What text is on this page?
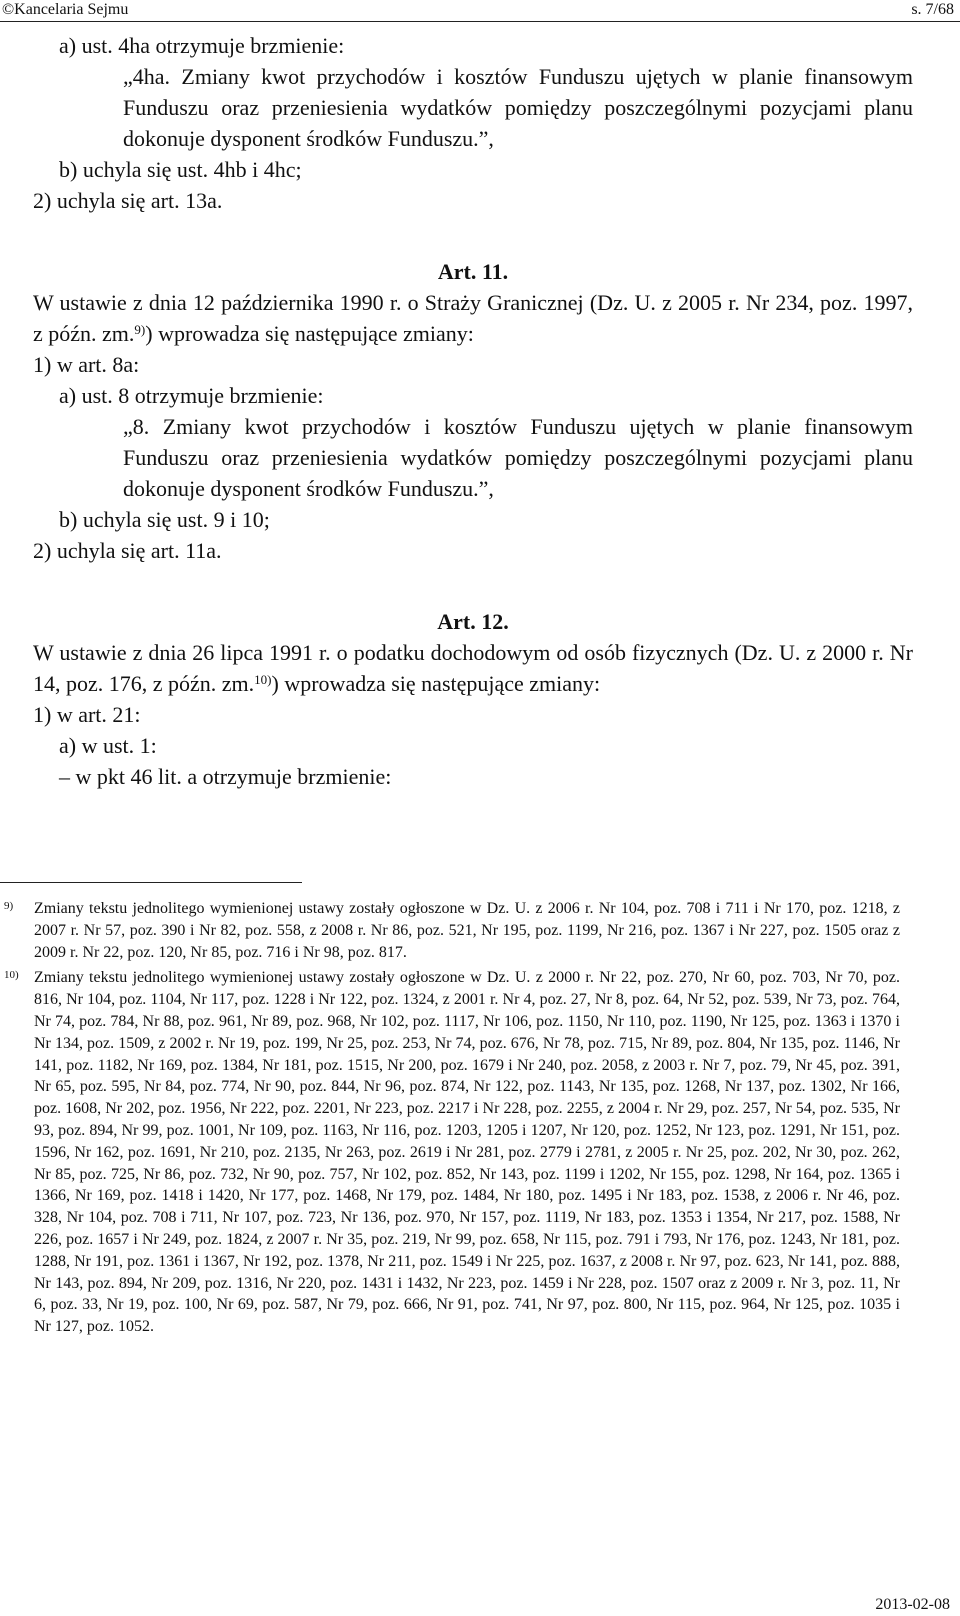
©Kancelaria Sejmu	s. 7/68

a) ust. 4ha otrzymuje brzmienie:

„4ha. Zmiany kwot przychodów i kosztów Funduszu ujętych w planie finansowym Funduszu oraz przeniesienia wydatków pomiędzy poszczególnymi pozycjami planu dokonuje dysponent środków Funduszu.”,

b) uchyla się ust. 4hb i 4hc;

2) uchyla się art. 13a.

Art. 11.

W ustawie z dnia 12 października 1990 r. o Straży Granicznej (Dz. U. z 2005 r. Nr 234, poz. 1997, z późn. zm.$^{9)}$) wprowadza się następujące zmiany:

1) w art. 8a:

a) ust. 8 otrzymuje brzmienie:

„8. Zmiany kwot przychodów i kosztów Funduszu ujętych w planie finansowym Funduszu oraz przeniesienia wydatków pomiędzy poszczególnymi pozycjami planu dokonuje dysponent środków Funduszu.”,

b) uchyla się ust. 9 i 10;

2) uchyla się art. 11a.

Art. 12.

W ustawie z dnia 26 lipca 1991 r. o podatku dochodowym od osób fizycznych (Dz. U. z 2000 r. Nr 14, poz. 176, z późn. zm.$^{10)}$) wprowadza się następujące zmiany:

1) w art. 21:

a) w ust. 1:

– w pkt 46 lit. a otrzymuje brzmienie:

9)	Zmiany tekstu jednolitego wymienionej ustawy zostały ogłoszone w Dz. U. z 2006 r. Nr 104, poz. 708 i 711 i Nr 170, poz. 1218, z 2007 r. Nr 57, poz. 390 i Nr 82, poz. 558, z 2008 r. Nr 86, poz. 521, Nr 195, poz. 1199, Nr 216, poz. 1367 i Nr 227, poz. 1505 oraz z 2009 r. Nr 22, poz. 120, Nr 85, poz. 716 i Nr 98, poz. 817.
10) Zmiany tekstu jednolitego wymienionej ustawy zostały ogłoszone w Dz. U. z 2000 r. Nr 22, poz. 270, Nr 60, poz. 703, Nr 70, poz. 816, Nr 104, poz. 1104, Nr 117, poz. 1228 i Nr 122, poz. 1324, z 2001 r. Nr 4, poz. 27, Nr 8, poz. 64, Nr 52, poz. 539, Nr 73, poz. 764, Nr 74, poz. 784, Nr 88, poz. 961, Nr 89, poz. 968, Nr 102, poz. 1117, Nr 106, poz. 1150, Nr 110, poz. 1190, Nr 125, poz. 1363 i 1370 i Nr 134, poz. 1509, z 2002 r. Nr 19, poz. 199, Nr 25, poz. 253, Nr 74, poz. 676, Nr 78, poz. 715, Nr 89, poz. 804, Nr 135, poz. 1146, Nr 141, poz. 1182, Nr 169, poz. 1384, Nr 181, poz. 1515, Nr 200, poz. 1679 i Nr 240, poz. 2058, z 2003 r. Nr 7, poz. 79, Nr 45, poz. 391, Nr 65, poz. 595, Nr 84, poz. 774, Nr 90, poz. 844, Nr 96, poz. 874, Nr 122, poz. 1143, Nr 135, poz. 1268, Nr 137, poz. 1302, Nr 166, poz. 1608, Nr 202, poz. 1956, Nr 222, poz. 2201, Nr 223, poz. 2217 i Nr 228, poz. 2255, z 2004 r. Nr 29, poz. 257, Nr 54, poz. 535, Nr 93, poz. 894, Nr 99, poz. 1001, Nr 109, poz. 1163, Nr 116, poz. 1203, 1205 i 1207, Nr 120, poz. 1252, Nr 123, poz. 1291, Nr 151, poz. 1596, Nr 162, poz. 1691, Nr 210, poz. 2135, Nr 263, poz. 2619 i Nr 281, poz. 2779 i 2781, z 2005 r. Nr 25, poz. 202, Nr 30, poz. 262, Nr 85, poz. 725, Nr 86, poz. 732, Nr 90, poz. 757, Nr 102, poz. 852, Nr 143, poz. 1199 i 1202, Nr 155, poz. 1298, Nr 164, poz. 1365 i 1366, Nr 169, poz. 1418 i 1420, Nr 177, poz. 1468, Nr 179, poz. 1484, Nr 180, poz. 1495 i Nr 183, poz. 1538, z 2006 r. Nr 46, poz. 328, Nr 104, poz. 708 i 711, Nr 107, poz. 723, Nr 136, poz. 970, Nr 157, poz. 1119, Nr 183, poz. 1353 i 1354, Nr 217, poz. 1588, Nr 226, poz. 1657 i Nr 249, poz. 1824, z 2007 r. Nr 35, poz. 219, Nr 99, poz. 658, Nr 115, poz. 791 i 793, Nr 176, poz. 1243, Nr 181, poz. 1288, Nr 191, poz. 1361 i 1367, Nr 192, poz. 1378, Nr 211, poz. 1549 i Nr 225, poz. 1637, z 2008 r. Nr 97, poz. 623, Nr 141, poz. 888, Nr 143, poz. 894, Nr 209, poz. 1316, Nr 220, poz. 1431 i 1432, Nr 223, poz. 1459 i Nr 228, poz. 1507 oraz z 2009 r. Nr 3, poz. 11, Nr 6, poz. 33, Nr 19, poz. 100, Nr 69, poz. 587, Nr 79, poz. 666, Nr 91, poz. 741, Nr 97, poz. 800, Nr 115, poz. 964, Nr 125, poz. 1035 i Nr 127, poz. 1052.
2013-02-08
